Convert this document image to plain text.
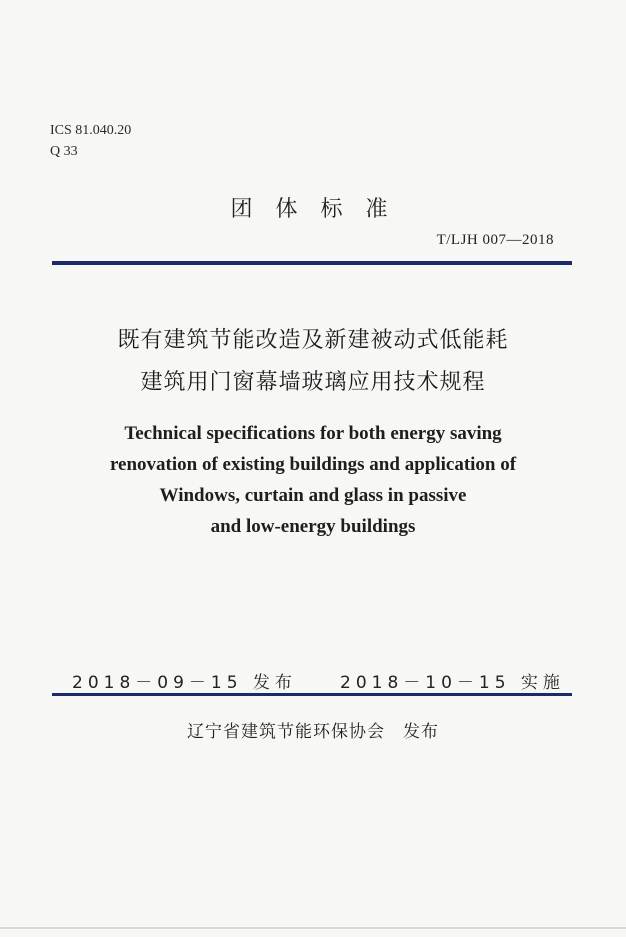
ICS 81.040.20
Q 33
团 体 标 准
T/LJH 007—2018
既有建筑节能改造及新建被动式低能耗
建筑用门窗幕墙玻璃应用技术规程
Technical specifications for both energy saving
renovation of existing buildings and application of
Windows, curtain and glass in passive
and low-energy buildings
2018－09－15 发布	2018－10－15 实施
辽宁省建筑节能环保协会 发布
